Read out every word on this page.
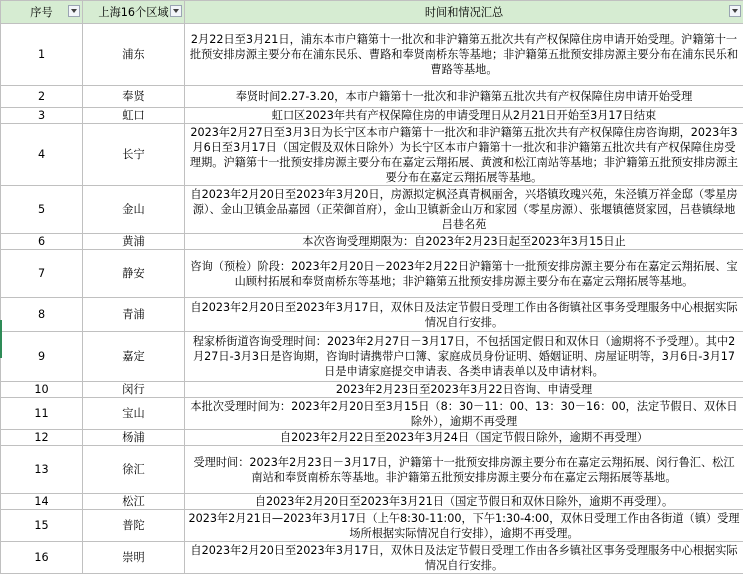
序号	上海16个区域	时间和情况汇总

1	浦东	2月22日至3月21日，浦东本市户籍第十一批次和非沪籍第五批次共有产权保障住房申请开始受理。沪籍第十一批预安排房源主要分布在浦东民乐、曹路和奉贤南桥东等基地；非沪籍第五批预安排房源主要分布在浦东民乐和曹路等基地。
2	奉贤	奉贤时间2.27-3.20，本市户籍第十一批次和非沪籍第五批次共有产权保障住房申请开始受理
3	虹口	虹口区2023年共有产权保障住房的申请受理日从2月21日开始至3月17日结束
4	长宁	2023年2月27日至3月3日为长宁区本市户籍第十一批次和非沪籍第五批次共有产权保障住房咨询期，2023年3月6日至3月17日（国定假及双休日除外）为长宁区本市户籍第十一批次和非沪籍第五批次共有产权保障住房受理期。沪籍第十一批预安排房源主要分布在嘉定云翔拓展、黄渡和松江南站等基地；非沪籍第五批预安排房源主要分布在嘉定云翔拓展等基地。
5	金山	自2023年2月20日至2023年3月20日，房源拟定枫泾真青枫丽舍，兴塔镇玫瑰兴苑，朱泾镇万祥金邸（零星房源）、金山卫镇金品嘉园（正荣御首府），金山卫镇新金山万和家园（零星房源）、张堰镇德贤家园，吕巷镇绿地吕巷名苑
6	黄浦	本次咨询受理期限为：自2023年2月23日起至2023年3月15日止
7	静安	咨询（预检）阶段：2023年2月20日－2023年2月22日沪籍第十一批预安排房源主要分布在嘉定云翔拓展、宝山顾村拓展和奉贤南桥东等基地；非沪籍第五批预安排房源主要分布在嘉定云翔拓展等基地。
8	青浦	自2023年2月20日至2023年3月17日，双休日及法定节假日受理工作由各街镇社区事务受理服务中心根据实际情况自行安排。
9	嘉定	程家桥街道咨询受理时间：2023年2月27日－3月17日，不包括国定假日和双休日（逾期将不予受理）。其中2月27日-3月3日是咨询期，咨询时请携带户口簿、家庭成员身份证明、婚姻证明、房屋证明等，3月6日-3月17日是申请家庭提交申请表、各类申请表单以及申请材料。
10	闵行	2023年2月23日至2023年3月22日咨询、申请受理
11	宝山	本批次受理时间为：2023年2月20日至3月15日（8：30－11：00、13：30－16：00，法定节假日、双休日除外），逾期不再受理
12	杨浦	自2023年2月22日至2023年3月24日（国定节假日除外，逾期不再受理）
13	徐汇	受理时间：2023年2月23日－3月17日，沪籍第十一批预安排房源主要分布在嘉定云翔拓展、闵行鲁汇、松江南站和奉贤南桥东等基地。非沪籍第五批预安排房源主要分布在嘉定云翔拓展等基地。
14	松江	自2023年2月20日至2023年3月21日（国定节假日和双休日除外，逾期不再受理）。
15	普陀	2023年2月21日—2023年3月17日（上午8:30-11:00，下午1:30-4:00，双休日受理工作由各街道（镇）受理场所根据实际情况自行安排），逾期不再受理。
16	崇明	自2023年2月20日至2023年3月17日，双休日及法定节假日受理工作由各乡镇社区事务受理服务中心根据实际情况自行安排。
